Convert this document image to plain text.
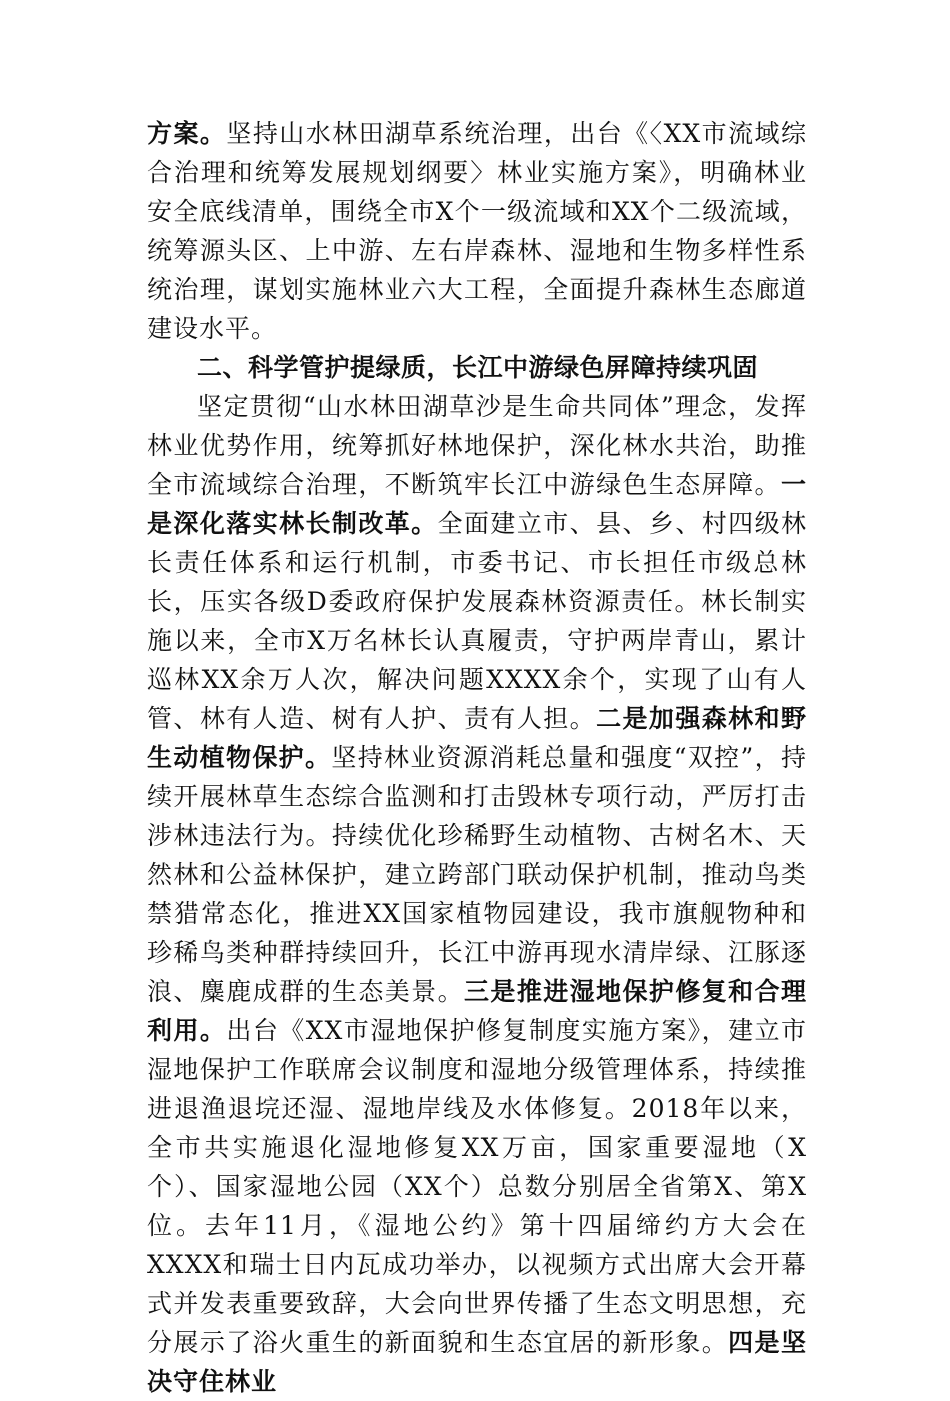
方案。坚持山水林田湖草系统治理，出台《〈XX市流域综合治理和统筹发展规划纲要〉林业实施方案》，明确林业安全底线清单，围绕全市X个一级流域和XX个二级流域，统筹源头区、上中游、左右岸森林、湿地和生物多样性系统治理，谋划实施林业六大工程，全面提升森林生态廊道建设水平。

二、科学管护提绿质，长江中游绿色屏障持续巩固

坚定贯彻“山水林田湖草沙是生命共同体”理念，发挥林业优势作用，统筹抓好林地保护，深化林水共治，助推全市流域综合治理，不断筑牢长江中游绿色生态屏障。一是深化落实林长制改革。全面建立市、县、乡、村四级林长责任体系和运行机制，市委书记、市长担任市级总林长，压实各级D委政府保护发展森林资源责任。林长制实施以来，全市X万名林长认真履责，守护两岸青山，累计巡林XX余万人次，解决问题XXXX余个，实现了山有人管、林有人造、树有人护、责有人担。二是加强森林和野生动植物保护。坚持林业资源消耗总量和强度“双控”，持续开展林草生态综合监测和打击毁林专项行动，严厉打击涉林违法行为。持续优化珍稀野生动植物、古树名木、天然林和公益林保护，建立跨部门联动保护机制，推动鸟类禁猎常态化，推进XX国家植物园建设，我市旗舰物种和珍稀鸟类种群持续回升，长江中游再现水清岸绿、江豚逐浪、麋鹿成群的生态美景。三是推进湿地保护修复和合理利用。出台《XX市湿地保护修复制度实施方案》，建立市湿地保护工作联席会议制度和湿地分级管理体系，持续推进退渔退垸还湿、湿地岸线及水体修复。2018年以来，全市共实施退化湿地修复XX万亩，国家重要湿地（X个）、国家湿地公园（XX个）总数分别居全省第X、第X位。去年11月，《湿地公约》第十四届缔约方大会在XXXX和瑞士日内瓦成功举办，以视频方式出席大会开幕式并发表重要致辞，大会向世界传播了生态文明思想，充分展示了浴火重生的新面貌和生态宜居的新形象。四是坚决守住林业
